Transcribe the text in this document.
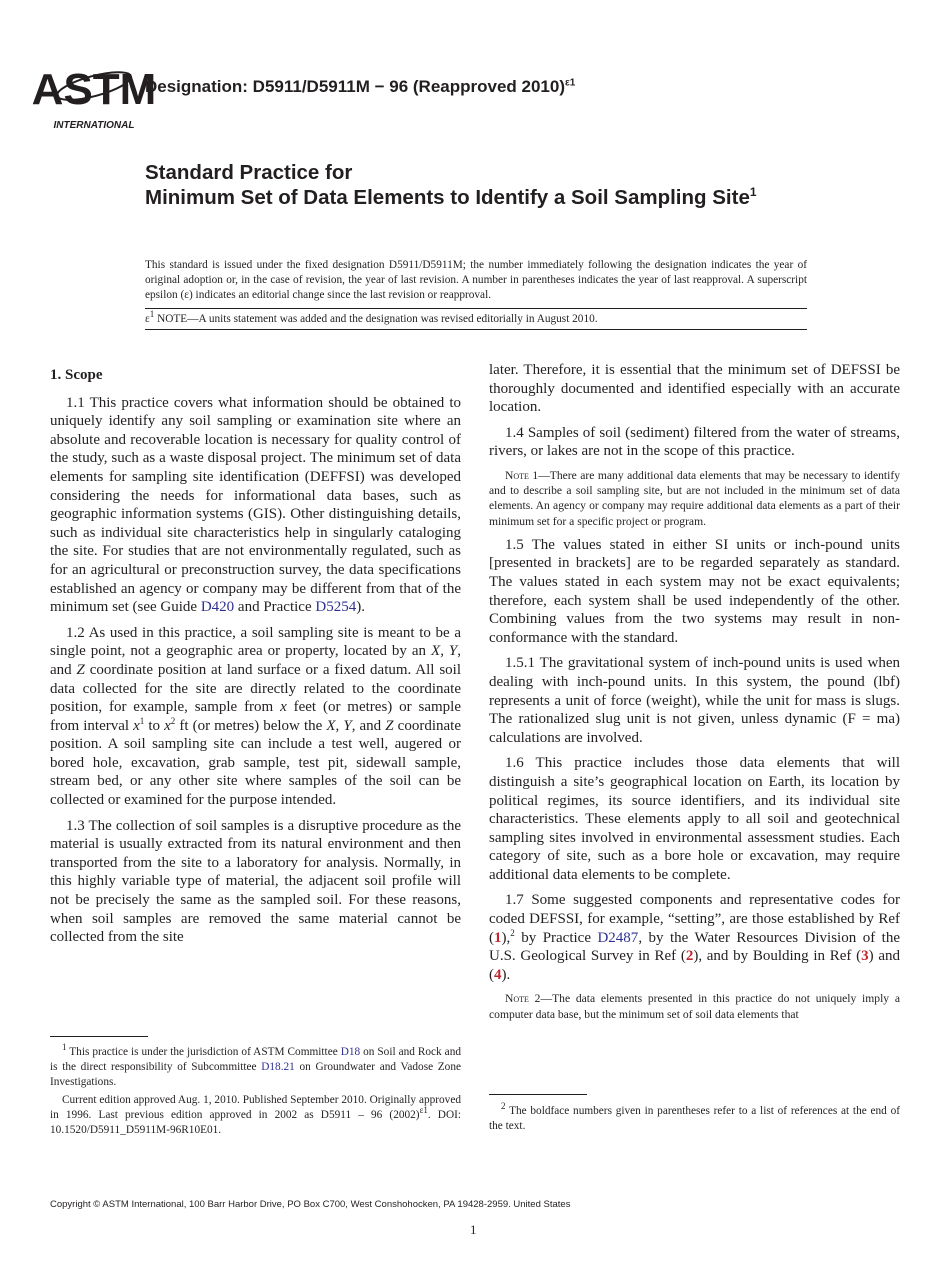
ASTM
INTERNATIONAL
Designation: D5911/D5911M − 96 (Reapproved 2010)$^{\varepsilon 1}$
Standard Practice for
Minimum Set of Data Elements to Identify a Soil Sampling Site$^1$
This standard is issued under the fixed designation D5911/D5911M; the number immediately following the designation indicates the year of original adoption or, in the case of revision, the year of last revision. A number in parentheses indicates the year of last reapproval. A superscript epsilon (ε) indicates an editorial change since the last revision or reapproval.
$\varepsilon^1$ NOTE—A units statement was added and the designation was revised editorially in August 2010.
1. Scope

1.1 This practice covers what information should be obtained to uniquely identify any soil sampling or examination site where an absolute and recoverable location is necessary for quality control of the study, such as a waste disposal project. The minimum set of data elements for sampling site identification (DEFFSI) was developed considering the needs for informational data bases, such as geographic information systems (GIS). Other distinguishing details, such as individual site characteristics help in singularly cataloging the site. For studies that are not environmentally regulated, such as for an agricultural or preconstruction survey, the data specifications established an agency or company may be different from that of the minimum set (see Guide D420 and Practice D5254).

1.2 As used in this practice, a soil sampling site is meant to be a single point, not a geographic area or property, located by an X, Y, and Z coordinate position at land surface or a fixed datum. All soil data collected for the site are directly related to the coordinate position, for example, sample from x feet (or metres) or sample from interval $x^1$ to $x^2$ ft (or metres) below the X, Y, and Z coordinate position. A soil sampling site can include a test well, augered or bored hole, excavation, grab sample, test pit, sidewall sample, stream bed, or any other site where samples of the soil can be collected or examined for the purpose intended.

1.3 The collection of soil samples is a disruptive procedure as the material is usually extracted from its natural environment and then transported from the site to a laboratory for analysis. Normally, in this highly variable type of material, the adjacent soil profile will not be precisely the same as the sampled soil. For these reasons, when soil samples are removed the same material cannot be collected from the site

later. Therefore, it is essential that the minimum set of DEFSSI be thoroughly documented and identified especially with an accurate location.

1.4 Samples of soil (sediment) filtered from the water of streams, rivers, or lakes are not in the scope of this practice.

Note 1—There are many additional data elements that may be necessary to identify and to describe a soil sampling site, but are not included in the minimum set of data elements. An agency or company may require additional data elements as a part of their minimum set for a specific project or program.

1.5 The values stated in either SI units or inch-pound units [presented in brackets] are to be regarded separately as standard. The values stated in each system may not be exact equivalents; therefore, each system shall be used independently of the other. Combining values from the two systems may result in non-conformance with the standard.

1.5.1 The gravitational system of inch-pound units is used when dealing with inch-pound units. In this system, the pound (lbf) represents a unit of force (weight), while the unit for mass is slugs. The rationalized slug unit is not given, unless dynamic (F = ma) calculations are involved.

1.6 This practice includes those data elements that will distinguish a site’s geographical location on Earth, its location by political regimes, its source identifiers, and its individual site characteristics. These elements apply to all soil and geotechnical sampling sites involved in environmental assessment studies. Each category of site, such as a bore hole or excavation, may require additional data elements to be complete.

1.7 Some suggested components and representative codes for coded DEFSSI, for example, “setting”, are those established by Ref (1),$^2$ by Practice D2487, by the Water Resources Division of the U.S. Geological Survey in Ref (2), and by Boulding in Ref (3) and (4).

Note 2—The data elements presented in this practice do not uniquely imply a computer data base, but the minimum set of soil data elements that

$^1$ This practice is under the jurisdiction of ASTM Committee D18 on Soil and Rock and is the direct responsibility of Subcommittee D18.21 on Groundwater and Vadose Zone Investigations.

Current edition approved Aug. 1, 2010. Published September 2010. Originally approved in 1996. Last previous edition approved in 2002 as D5911 – 96 $(2002)^{\varepsilon 1}$. DOI: 10.1520/D5911_D5911M-96R10E01.

$^2$ The boldface numbers given in parentheses refer to a list of references at the end of the text.

Copyright © ASTM International, 100 Barr Harbor Drive, PO Box C700, West Conshohocken, PA 19428-2959. United States
1
